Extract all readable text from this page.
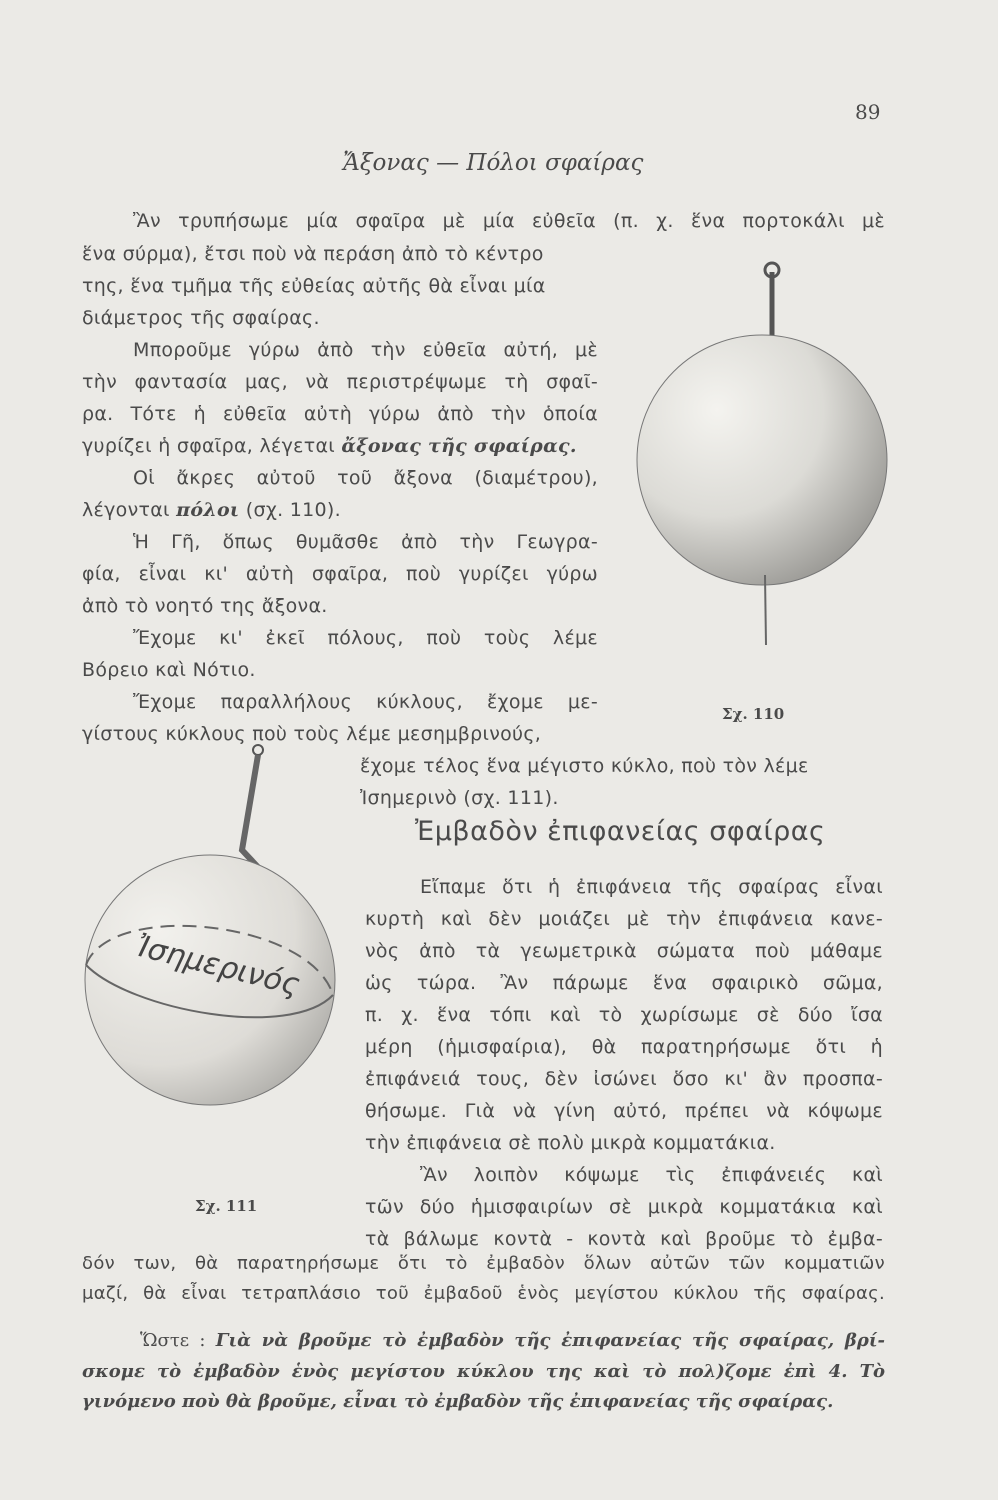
89
Ἄξονας — Πόλοι σφαίρας
Ἂν τρυπήσωμε μία σφαῖρα μὲ μία εὐθεῖα (π. χ. ἕνα πορτοκάλι μὲ
ἕνα σύρμα), ἔτσι ποὺ νὰ περάση ἀπὸ τὸ κέντρο
της, ἕνα τμῆμα τῆς εὐθείας αὐτῆς θὰ εἶναι μία
διάμετρος τῆς σφαίρας.
Μποροῦμε γύρω ἀπὸ τὴν εὐθεῖα αὐτή, μὲ
τὴν φαντασία μας, νὰ περιστρέψωμε τὴ σφαῖ-
ρα. Τότε ἡ εὐθεῖα αὐτὴ γύρω ἀπὸ τὴν ὁποία
γυρίζει ἡ σφαῖρα, λέγεται ἄξονας τῆς σφαίρας.
Οἱ ἄκρες αὐτοῦ τοῦ ἄξονα (διαμέτρου),
λέγονται πόλοι (σχ. 110).
Ἡ Γῆ, ὅπως θυμᾶσθε ἀπὸ τὴν Γεωγρα-
φία, εἶναι κι' αὐτὴ σφαῖρα, ποὺ γυρίζει γύρω
ἀπὸ τὸ νοητό της ἄξονα.
Ἔχομε κι' ἐκεῖ πόλους, ποὺ τοὺς λέμε
Βόρειο καὶ Νότιο.
Ἔχομε παραλλήλους κύκλους, ἔχομε με-
γίστους κύκλους ποὺ τοὺς λέμε μεσημβρινούς,
ἔχομε τέλος ἕνα μέγιστο κύκλο, ποὺ τὸν λέμε
Ἰσημερινὸ (σχ. 111).
Σχ. 110
Ἰσημερινός
Σχ. 111
Ἐμβαδὸν ἐπιφανείας σφαίρας
Εἴπαμε ὅτι ἡ ἐπιφάνεια τῆς σφαίρας εἶναι
κυρτὴ καὶ δὲν μοιάζει μὲ τὴν ἐπιφάνεια κανε-
νὸς ἀπὸ τὰ γεωμετρικὰ σώματα ποὺ μάθαμε
ὡς τώρα. Ἂν πάρωμε ἕνα σφαιρικὸ σῶμα,
π. χ. ἕνα τόπι καὶ τὸ χωρίσωμε σὲ δύο ἴσα
μέρη (ἡμισφαίρια), θὰ παρατηρήσωμε ὅτι ἡ
ἐπιφάνειά τους, δὲν ἰσώνει ὅσο κι' ἂν προσπα-
θήσωμε. Γιὰ νὰ γίνη αὐτό, πρέπει νὰ κόψωμε
τὴν ἐπιφάνεια σὲ πολὺ μικρὰ κομματάκια.
Ἂν λοιπὸν κόψωμε τὶς ἐπιφάνειές καὶ
τῶν δύο ἡμισφαιρίων σὲ μικρὰ κομματάκια καὶ
τὰ βάλωμε κοντὰ - κοντὰ καὶ βροῦμε τὸ ἐμβα-
δόν των, θὰ παρατηρήσωμε ὅτι τὸ ἐμβαδὸν ὅλων αὐτῶν τῶν κομματιῶν
μαζί, θὰ εἶναι τετραπλάσιο τοῦ ἐμβαδοῦ ἑνὸς μεγίστου κύκλου τῆς σφαίρας.
Ὥστε : Γιὰ νὰ βροῦμε τὸ ἐμβαδὸν τῆς ἐπιφανείας τῆς σφαίρας, βρί-
σκομε τὸ ἐμβαδὸν ἑνὸς μεγίστου κύκλου της καὶ τὸ πολ)ζομε ἐπὶ 4. Τὸ
γινόμενο ποὺ θὰ βροῦμε, εἶναι τὸ ἐμβαδὸν τῆς ἐπιφανείας τῆς σφαίρας.
